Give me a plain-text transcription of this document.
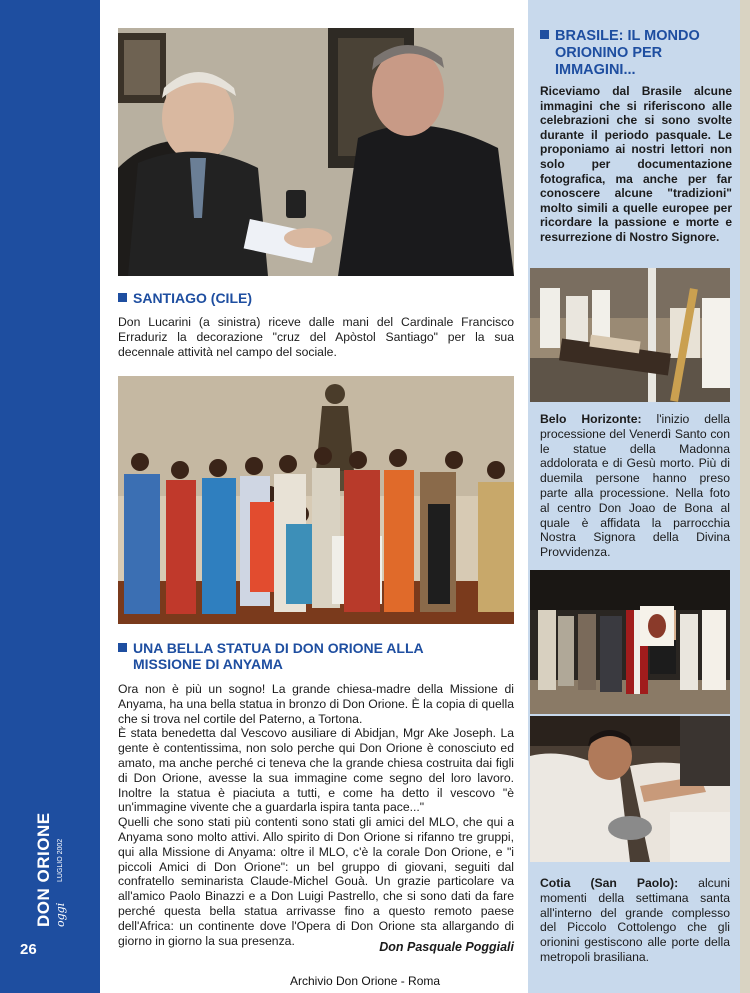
DON ORIONE oggi
LUGLIO 2002
26
SANTIAGO (CILE)
Don Lucarini (a sinistra) riceve dalle mani del Cardinale Francisco Erraduriz la decorazione "cruz del Apòstol Santiago" per la sua decennale attività nel campo del sociale.
UNA BELLA STATUA DI DON ORIONE ALLA
MISSIONE DI ANYAMA

Ora non è più un sogno! La grande chiesa-madre della Missione di Anyama, ha una bella statua in bronzo di Don Orione. È la copia di quella che si trova nel cortile del Paterno, a Tortona.

È stata benedetta dal Vescovo ausiliare di Abidjan, Mgr Ake Joseph. La gente è contentissima, non solo perche qui Don Orione è conosciuto ed amato, ma anche perché ci teneva che la grande chiesa costruita dai figli di Don Orione, avesse la sua immagine come segno del loro lavoro. Inoltre la statua è piaciuta a tutti, e come ha detto il vescovo "è un'immagine vivente che a guardarla ispira tanta pace..."

Quelli che sono stati più contenti sono stati gli amici del MLO, che qui a Anyama sono molto attivi. Allo spirito di Don Orione si rifanno tre gruppi, qui alla Missione di Anyama: oltre il MLO, c'è la corale Don Orione, e "i piccoli Amici di Don Orione": un bel gruppo di giovani, seguiti dal confratello seminarista Claude-Michel Gouà. Un grazie particolare va all'amico Paolo Binazzi e a Don Luigi Pastrello, che si sono dati da fare perché questa bella statua arrivasse fino a questo remoto paese dell'Africa: un continente dove l'Opera di Don Orione sta allargando di giorno in giorno la sua presenza.	Don Pasquale Poggiali
BRASILE: IL MONDO
ORIONINO PER
IMMAGINI...
Riceviamo dal Brasile alcune immagini che si riferiscono alle celebrazioni che si sono svolte durante il periodo pasquale. Le proponiamo ai nostri lettori non solo per documentazione fotografica, ma anche per far conoscere alcune "tradizioni" molto simili a quelle europee per ricordare la passione e morte e resurrezione di Nostro Signore.
Belo Horizonte: l'inizio della processione del Venerdì Santo con le statue della Madonna addolorata e di Gesù morto. Più di duemila persone hanno preso parte alla processione. Nella foto al centro Don Joao de Bona al quale è affidata la parrocchia Nostra Signora della Divina Provvidenza.
Cotia (San Paolo): alcuni momenti della settimana santa all'interno del grande complesso del Piccolo Cottolengo che gli orionini gestiscono alle porte della metropoli brasiliana.
Archivio Don Orione - Roma
